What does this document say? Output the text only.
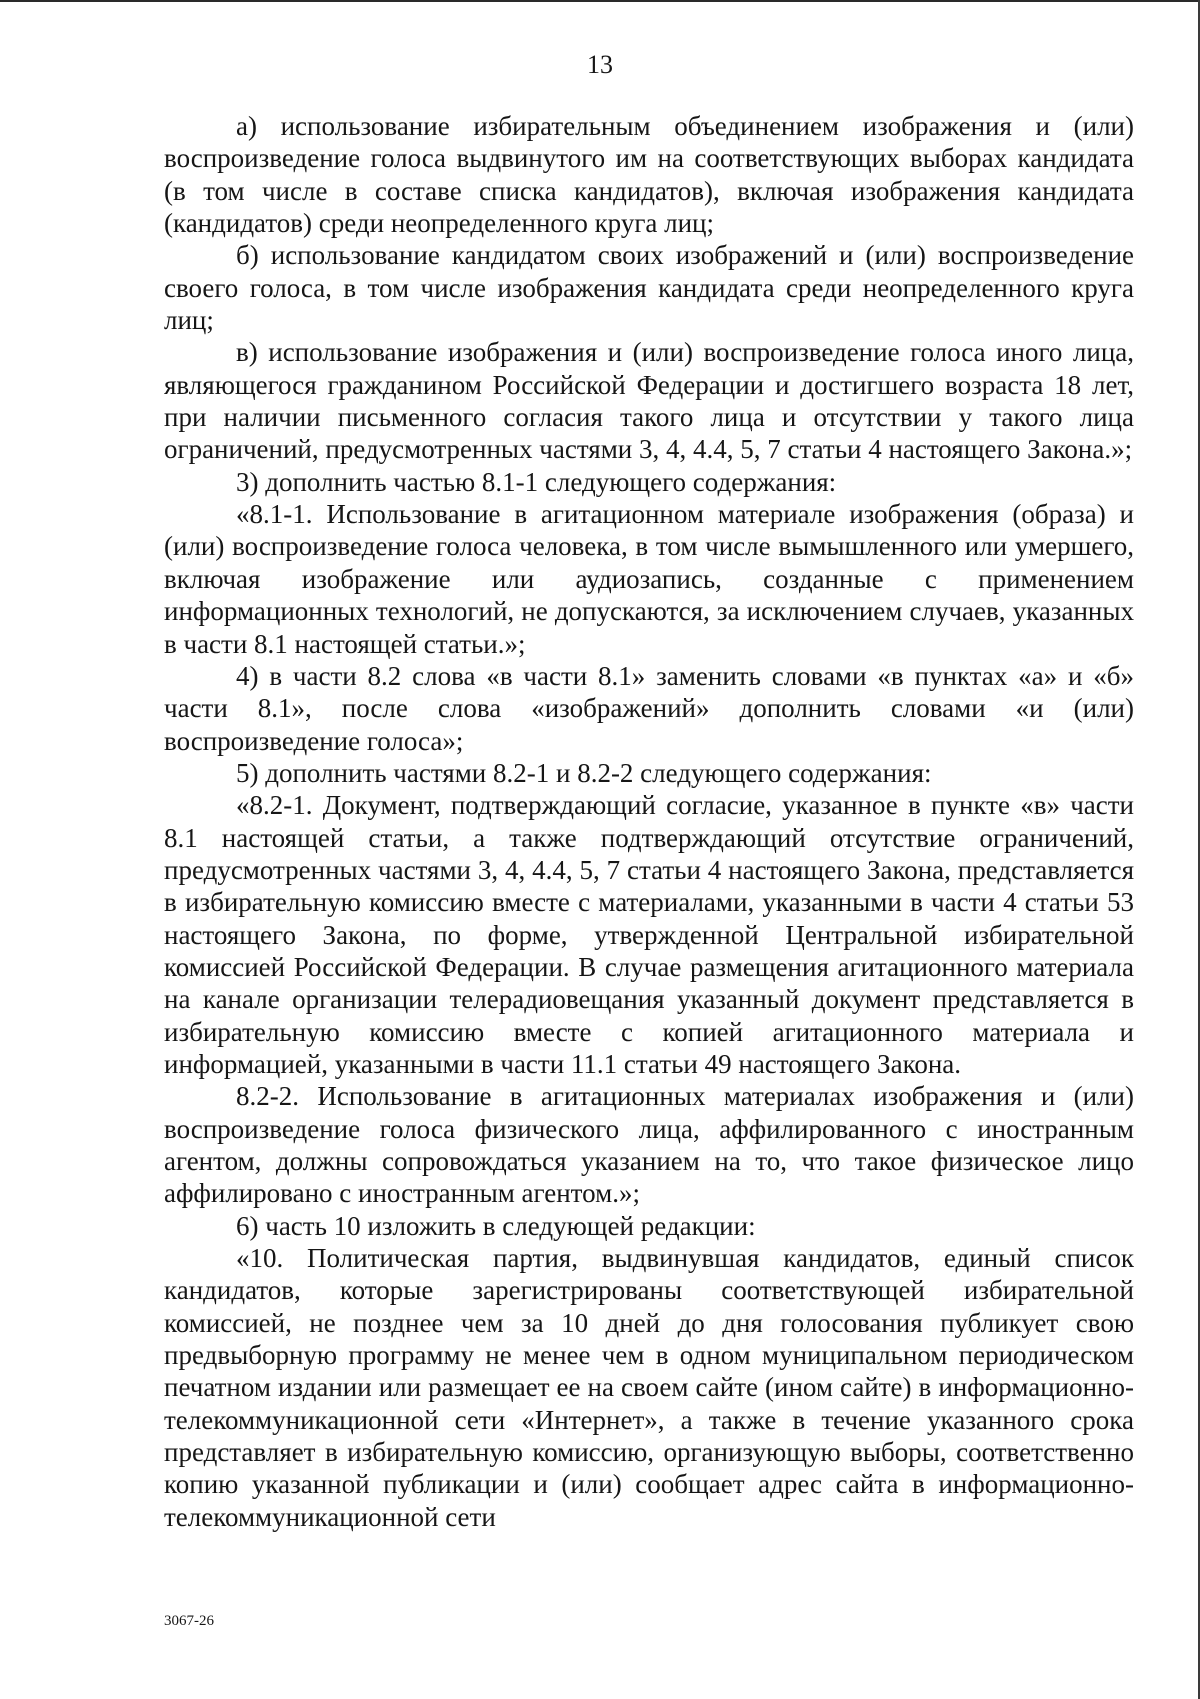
13

а) использование избирательным объединением изображения и (или) воспроизведение голоса выдвинутого им на соответствующих выборах кандидата (в том числе в составе списка кандидатов), включая изображения кандидата (кандидатов) среди неопределенного круга лиц;

б) использование кандидатом своих изображений и (или) воспроизведение своего голоса, в том числе изображения кандидата среди неопределенного круга лиц;

в) использование изображения и (или) воспроизведение голоса иного лица, являющегося гражданином Российской Федерации и достигшего возраста 18 лет, при наличии письменного согласия такого лица и отсутствии у такого лица ограничений, предусмотренных частями 3, 4, 4.4, 5, 7 статьи 4 настоящего Закона.»;

3) дополнить частью 8.1-1 следующего содержания:

«8.1-1. Использование в агитационном материале изображения (образа) и (или) воспроизведение голоса человека, в том числе вымышленного или умершего, включая изображение или аудиозапись, созданные с применением информационных технологий, не допускаются, за исключением случаев, указанных в части 8.1 настоящей статьи.»;

4) в части 8.2 слова «в части 8.1» заменить словами «в пунктах «а» и «б» части 8.1», после слова «изображений» дополнить словами «и (или) воспроизведение голоса»;

5) дополнить частями 8.2-1 и 8.2-2 следующего содержания:

«8.2-1. Документ, подтверждающий согласие, указанное в пункте «в» части 8.1 настоящей статьи, а также подтверждающий отсутствие ограничений, предусмотренных частями 3, 4, 4.4, 5, 7 статьи 4 настоящего Закона, представляется в избирательную комиссию вместе с материалами, указанными в части 4 статьи 53 настоящего Закона, по форме, утвержденной Центральной избирательной комиссией Российской Федерации. В случае размещения агитационного материала на канале организации телерадиовещания указанный документ представляется в избирательную комиссию вместе с копией агитационного материала и информацией, указанными в части 11.1 статьи 49 настоящего Закона.

8.2-2. Использование в агитационных материалах изображения и (или) воспроизведение голоса физического лица, аффилированного с иностранным агентом, должны сопровождаться указанием на то, что такое физическое лицо аффилировано с иностранным агентом.»;

6) часть 10 изложить в следующей редакции:

«10. Политическая партия, выдвинувшая кандидатов, единый список кандидатов, которые зарегистрированы соответствующей избирательной комиссией, не позднее чем за 10 дней до дня голосования публикует свою предвыборную программу не менее чем в одном муниципальном периодическом печатном издании или размещает ее на своем сайте (ином сайте) в информационно-телекоммуникационной сети «Интернет», а также в течение указанного срока представляет в избирательную комиссию, организующую выборы, соответственно копию указанной публикации и (или) сообщает адрес сайта в информационно-телекоммуникационной сети

3067-26
